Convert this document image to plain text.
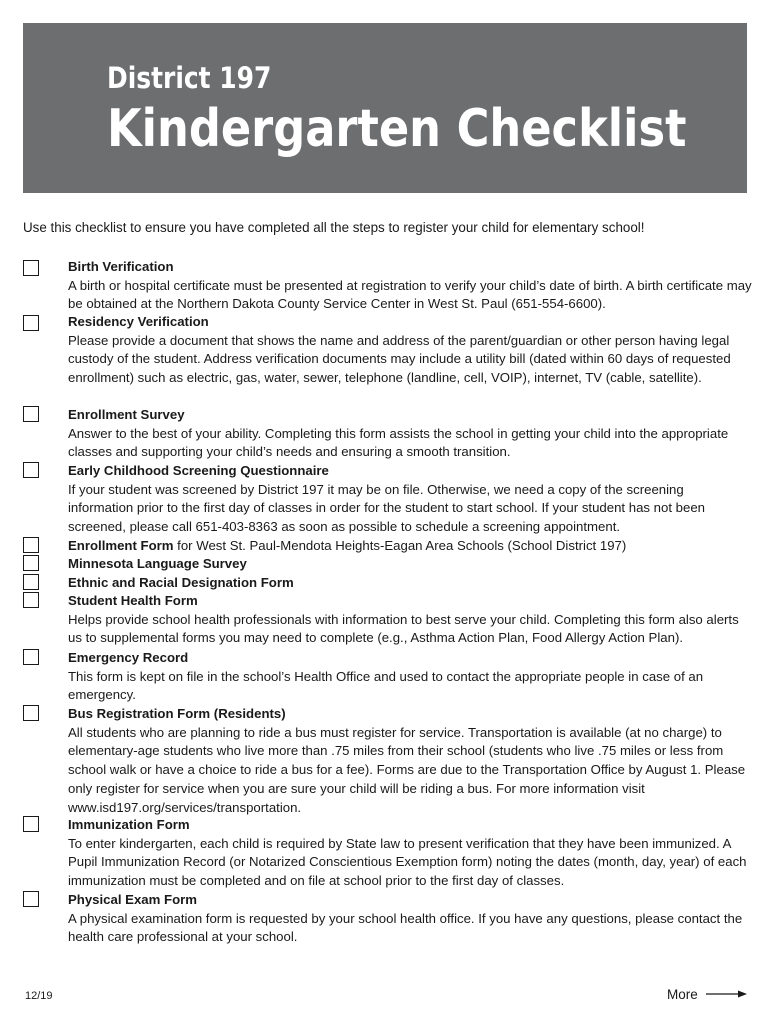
District 197
Kindergarten Checklist
Use this checklist to ensure you have completed all the steps to register your child for elementary school!
Birth Verification
A birth or hospital certificate must be presented at registration to verify your child’s date of birth. A birth certificate may be obtained at the Northern Dakota County Service Center in West St. Paul (651-554-6600).
Residency Verification
Please provide a document that shows the name and address of the parent/guardian or other person having legal custody of the student. Address verification documents may include a utility bill (dated within 60 days of requested enrollment) such as electric, gas, water, sewer, telephone (landline, cell, VOIP), internet, TV (cable, satellite).
Enrollment Survey
Answer to the best of your ability. Completing this form assists the school in getting your child into the appropriate classes and supporting your child’s needs and ensuring a smooth transition.
Early Childhood Screening Questionnaire
If your student was screened by District 197 it may be on file. Otherwise, we need a copy of the screening information prior to the first day of classes in order for the student to start school. If your student has not been screened, please call 651-403-8363 as soon as possible to schedule a screening appointment.
Enrollment Form for West St. Paul-Mendota Heights-Eagan Area Schools (School District 197)
Minnesota Language Survey
Ethnic and Racial Designation Form
Student Health Form
Helps provide school health professionals with information to best serve your child. Completing this form also alerts us to supplemental forms you may need to complete (e.g., Asthma Action Plan, Food Allergy Action Plan).
Emergency Record
This form is kept on file in the school’s Health Office and used to contact the appropriate people in case of an emergency.
Bus Registration Form (Residents)
All students who are planning to ride a bus must register for service. Transportation is available (at no charge) to elementary-age students who live more than .75 miles from their school (students who live .75 miles or less from school walk or have a choice to ride a bus for a fee). Forms are due to the Transportation Office by August 1. Please only register for service when you are sure your child will be riding a bus. For more information visit www.isd197.org/services/transportation.
Immunization Form
To enter kindergarten, each child is required by State law to present verification that they have been immunized. A Pupil Immunization Record (or Notarized Conscientious Exemption form) noting the dates (month, day, year) of each immunization must be completed and on file at school prior to the first day of classes.
Physical Exam Form
A physical examination form is requested by your school health office. If you have any questions, please contact the health care professional at your school.
12/19	More
